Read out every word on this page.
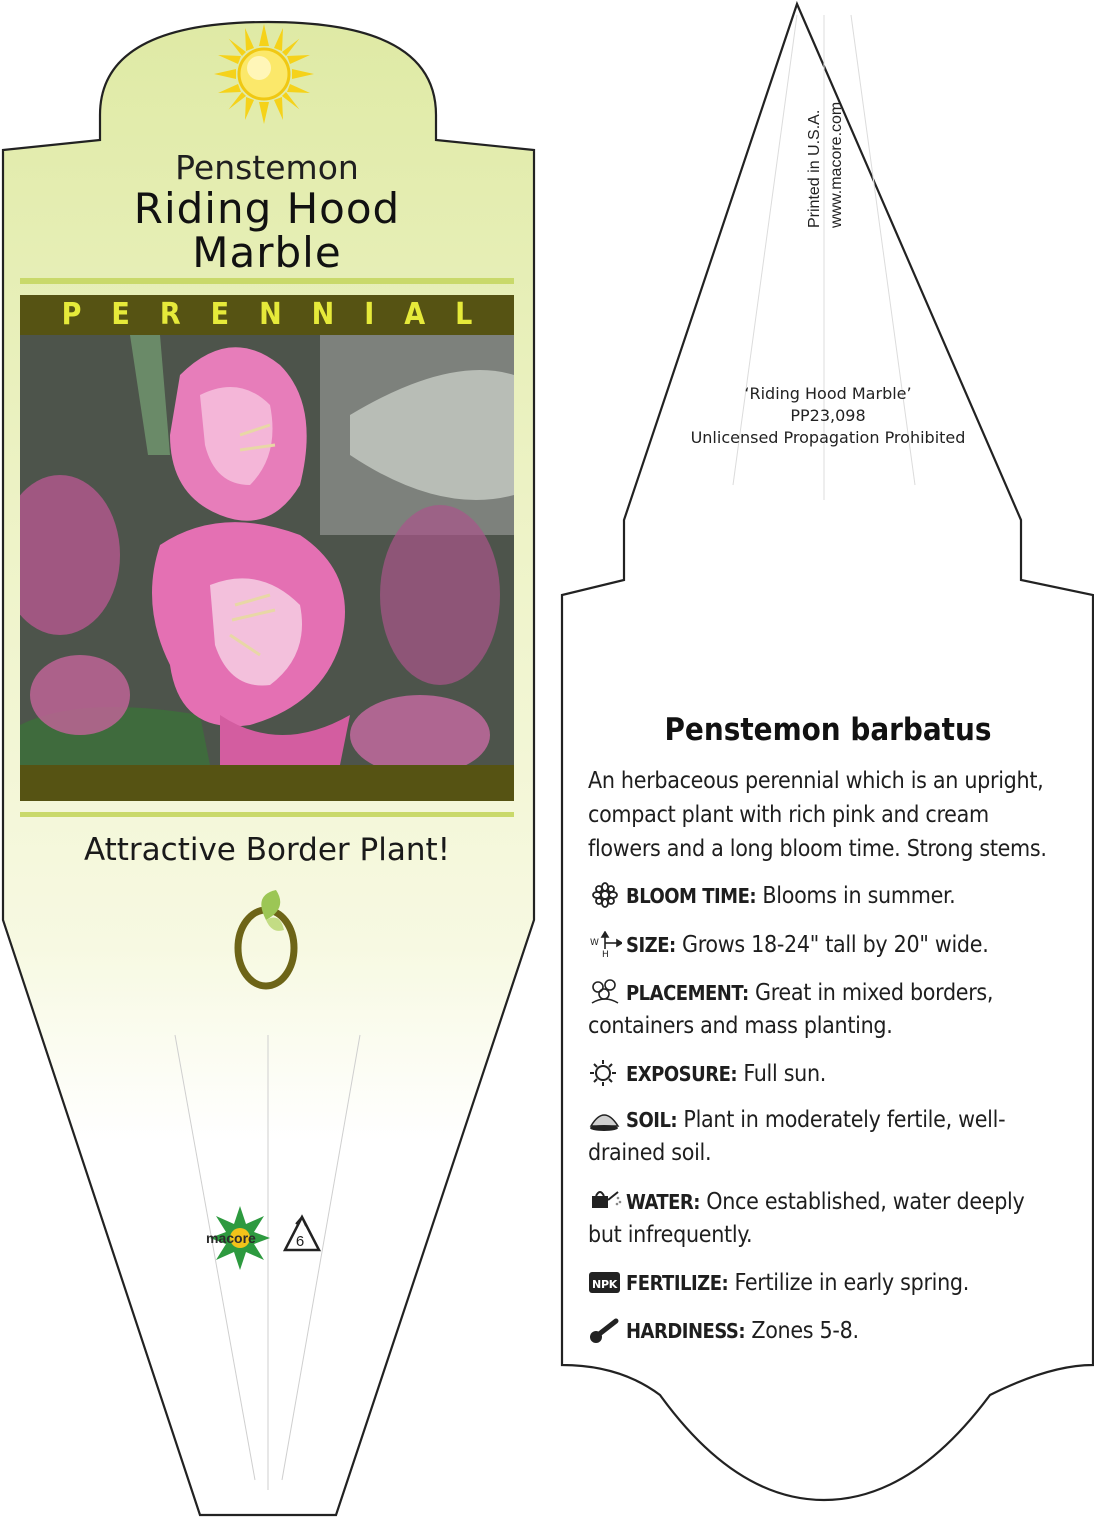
Penstemon
Riding Hood
Marble
PERENNIAL
Attractive Border Plant!
macore	6
Printed in U.S.A. www.macore.com
‘Riding Hood Marble’
PP23,098
Unlicensed Propagation Prohibited
Penstemon barbatus
An herbaceous perennial which is an upright, compact plant with rich pink and cream flowers and a long bloom time. Strong stems.
BLOOM TIME: Blooms in summer.
W
H SIZE: Grows 18-24" tall by 20" wide.
PLACEMENT: Great in mixed borders, containers and mass planting.
EXPOSURE: Full sun.
SOIL: Plant in moderately fertile, well-drained soil.
WATER: Once established, water deeply but infrequently.
NPK FERTILIZE: Fertilize in early spring.
HARDINESS: Zones 5-8.
